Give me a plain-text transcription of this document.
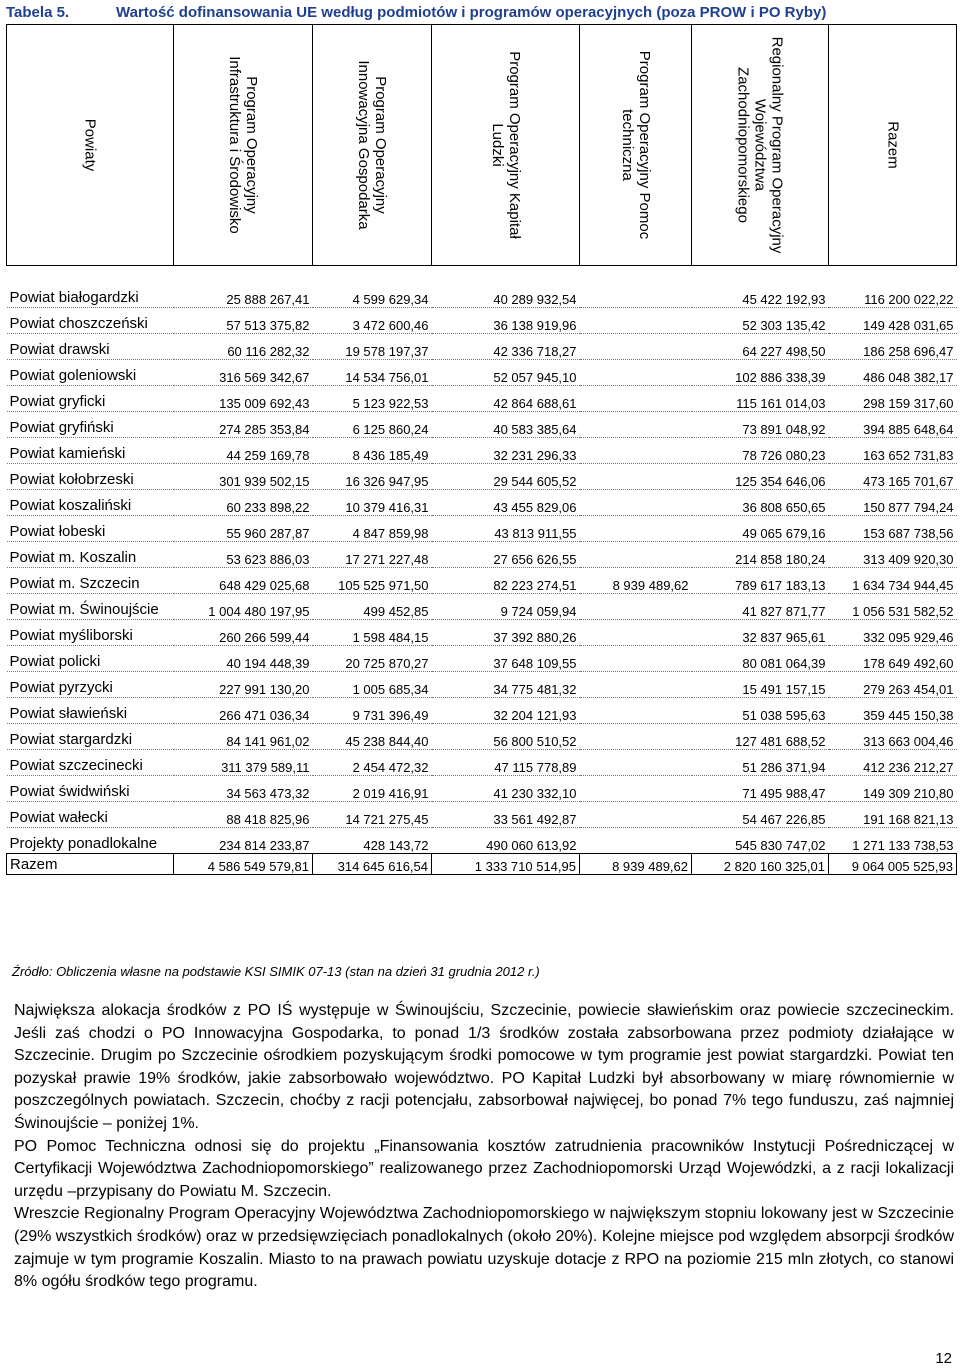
Tabela 5.	Wartość dofinansowania UE według podmiotów i programów operacyjnych (poza PROW i PO Ryby)
Powiaty	Program Operacyjny Infrastruktura i Środowisko	Program Operacyjny Innowacyjna Gospodarka	Program Operacyjny Kapitał Ludzki	Program Operacyjny Pomoc techniczna	Regionalny Program Operacyjny Województwa Zachodniopomorskiego	Razem

Powiat białogardzki	25 888 267,41	4 599 629,34	40 289 932,54		45 422 192,93	116 200 022,22
Powiat choszczeński	57 513 375,82	3 472 600,46	36 138 919,96		52 303 135,42	149 428 031,65
Powiat drawski	60 116 282,32	19 578 197,37	42 336 718,27		64 227 498,50	186 258 696,47
Powiat goleniowski	316 569 342,67	14 534 756,01	52 057 945,10		102 886 338,39	486 048 382,17
Powiat gryficki	135 009 692,43	5 123 922,53	42 864 688,61		115 161 014,03	298 159 317,60
Powiat gryfiński	274 285 353,84	6 125 860,24	40 583 385,64		73 891 048,92	394 885 648,64
Powiat kamieński	44 259 169,78	8 436 185,49	32 231 296,33		78 726 080,23	163 652 731,83
Powiat kołobrzeski	301 939 502,15	16 326 947,95	29 544 605,52		125 354 646,06	473 165 701,67
Powiat koszaliński	60 233 898,22	10 379 416,31	43 455 829,06		36 808 650,65	150 877 794,24
Powiat łobeski	55 960 287,87	4 847 859,98	43 813 911,55		49 065 679,16	153 687 738,56
Powiat m. Koszalin	53 623 886,03	17 271 227,48	27 656 626,55		214 858 180,24	313 409 920,30
Powiat m. Szczecin	648 429 025,68	105 525 971,50	82 223 274,51	8 939 489,62	789 617 183,13	1 634 734 944,45
Powiat m. Świnoujście	1 004 480 197,95	499 452,85	9 724 059,94		41 827 871,77	1 056 531 582,52
Powiat myśliborski	260 266 599,44	1 598 484,15	37 392 880,26		32 837 965,61	332 095 929,46
Powiat policki	40 194 448,39	20 725 870,27	37 648 109,55		80 081 064,39	178 649 492,60
Powiat pyrzycki	227 991 130,20	1 005 685,34	34 775 481,32		15 491 157,15	279 263 454,01
Powiat sławieński	266 471 036,34	9 731 396,49	32 204 121,93		51 038 595,63	359 445 150,38
Powiat stargardzki	84 141 961,02	45 238 844,40	56 800 510,52		127 481 688,52	313 663 004,46
Powiat szczecinecki	311 379 589,11	2 454 472,32	47 115 778,89		51 286 371,94	412 236 212,27
Powiat świdwiński	34 563 473,32	2 019 416,91	41 230 332,10		71 495 988,47	149 309 210,80
Powiat wałecki	88 418 825,96	14 721 275,45	33 561 492,87		54 467 226,85	191 168 821,13
Projekty ponadlokalne	234 814 233,87	428 143,72	490 060 613,92		545 830 747,02	1 271 133 738,53
Razem	4 586 549 579,81	314 645 616,54	1 333 710 514,95	8 939 489,62	2 820 160 325,01	9 064 005 525,93
Źródło: Obliczenia własne na podstawie KSI SIMIK 07-13 (stan na dzień 31 grudnia 2012 r.)

Największa alokacja środków z PO IŚ występuje w Świnoujściu, Szczecinie, powiecie sławieńskim oraz powiecie szczecineckim. Jeśli zaś chodzi o PO Innowacyjna Gospodarka, to ponad 1/3 środków została zabsorbowana przez podmioty działające w Szczecinie. Drugim po Szczecinie ośrodkiem pozyskującym środki pomocowe w tym programie jest powiat stargardzki. Powiat ten pozyskał prawie 19% środków, jakie zabsorbowało województwo. PO Kapitał Ludzki był absorbowany w miarę równomiernie w poszczególnych powiatach. Szczecin, choćby z racji potencjału, zabsorbował najwięcej, bo ponad 7% tego funduszu, zaś najmniej Świnoujście – poniżej 1%.

PO Pomoc Techniczna odnosi się do projektu „Finansowania kosztów zatrudnienia pracowników Instytucji Pośredniczącej w Certyfikacji Województwa Zachodniopomorskiego” realizowanego przez Zachodniopomorski Urząd Wojewódzki, a z racji lokalizacji urzędu –przypisany do Powiatu M. Szczecin.

Wreszcie Regionalny Program Operacyjny Województwa Zachodniopomorskiego w największym stopniu lokowany jest w Szczecinie (29% wszystkich środków) oraz w przedsięwzięciach ponadlokalnych (około 20%). Kolejne miejsce pod względem absorpcji środków zajmuje w tym programie Koszalin. Miasto to na prawach powiatu uzyskuje dotacje z RPO na poziomie 215 mln złotych, co stanowi 8% ogółu środków tego programu.

12
